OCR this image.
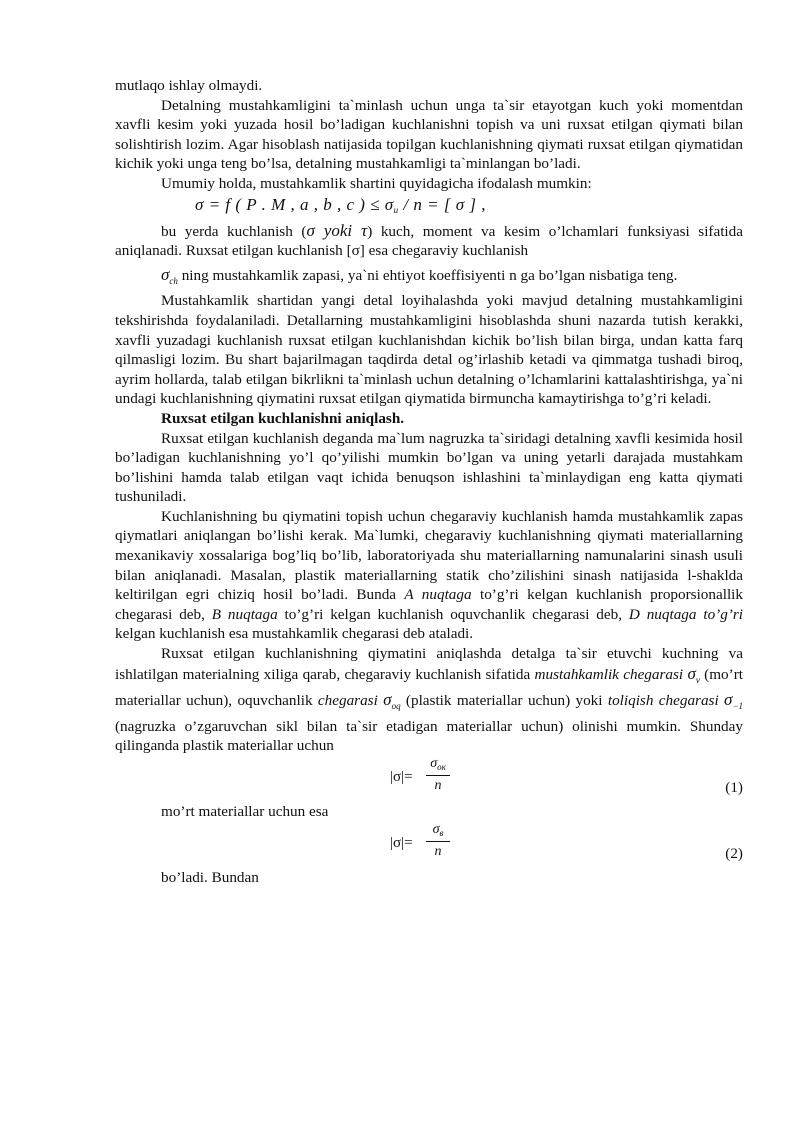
mutlaqo ishlay olmaydi.

Detalning mustahkamligini ta`minlash uchun unga ta`sir etayotgan kuch yoki momentdan xavfli kesim yoki yuzada hosil bo’ladigan kuchlanishni topish va uni ruxsat etilgan qiymati bilan solishtirish lozim. Agar hisoblash natijasida topilgan kuchlanishning qiymati ruxsat etilgan qiymatidan kichik yoki unga teng bo’lsa, detalning mustahkamligi ta`minlangan bo’ladi.

Umumiy holda, mustahkamlik shartini quyidagicha ifodalash mumkin:

σ = f ( P . M , a , b , c ) ≤ σu / n = [ σ ] ,

bu yerda kuchlanish (σ yoki τ) kuch, moment va kesim o’lchamlari funksiyasi sifatida aniqlanadi. Ruxsat etilgan kuchlanish [σ] esa chegaraviy kuchlanish

$\sigma_{ch}$ ning mustahkamlik zapasi, ya`ni ehtiyot koeffisiyenti n ga bo’lgan nisbatiga teng.

Mustahkamlik shartidan yangi detal loyihalashda yoki mavjud detalning mustahkamligini tekshirishda foydalaniladi. Detallarning mustahkamligini hisoblashda shuni nazarda tutish kerakki, xavfli yuzadagi kuchlanish ruxsat etilgan kuchlanishdan kichik bo’lish bilan birga, undan katta farq qilmasligi lozim. Bu shart bajarilmagan taqdirda detal og’irlashib ketadi va qimmatga tushadi biroq, ayrim hollarda, talab etilgan bikrlikni ta`minlash uchun detalning o’lchamlarini kattalashtirishga, ya`ni undagi kuchlanishning qiymatini ruxsat etilgan qiymatida birmuncha kamaytirishga to’g’ri keladi.

Ruxsat etilgan kuchlanishni aniqlash.

Ruxsat etilgan kuchlanish deganda ma`lum nagruzka ta`siridagi detalning xavfli kesimida hosil bo’ladigan kuchlanishning yo’l qo’yilishi mumkin bo’lgan va uning yetarli darajada mustahkam bo’lishini hamda talab etilgan vaqt ichida benuqson ishlashini ta`minlaydigan eng katta qiymati tushuniladi.

Kuchlanishning bu qiymatini topish uchun chegaraviy kuchlanish hamda mustahkamlik zapas qiymatlari aniqlangan bo’lishi kerak. Ma`lumki, chegaraviy kuchlanishning qiymati materiallarning mexanikaviy xossalariga bog’liq bo’lib, laboratoriyada shu materiallarning namunalarini sinash usuli bilan aniqlanadi. Masalan, plastik materiallarning statik cho’zilishini sinash natijasida l-shaklda keltirilgan egri chiziq hosil bo’ladi. Bunda A nuqtaga to’g’ri kelgan kuchlanish proporsionallik chegarasi deb, B nuqtaga to’g’ri kelgan kuchlanish oquvchanlik chegarasi deb, D nuqtaga to’g’ri kelgan kuchlanish esa mustahkamlik chegarasi deb ataladi.

Ruxsat etilgan kuchlanishning qiymatini aniqlashda detalga ta`sir etuvchi kuchning va ishlatilgan materialning xiligа qarab, chegaraviy kuchlanish sifatida mustahkamlik chegarasi $\sigma_v$ (mo’rt materiallar uchun), oquvchanlik chegarasi $\sigma_{oq}$ (plastik materiallar uchun) yoki toliqish chegarasi $\sigma_{-1}$ (nagruzka o’zgaruvchan sikl bilan ta`sir etadigan materiallar uchun) olinishi mumkin. Shunday qilinganda plastik materiallar uchun

|σ|=
$\sigma_{ок}$
n	(1)

mo’rt materiallar uchun esa

|σ|=
$\sigma_в$
n	(2)

bo’ladi. Bundan
